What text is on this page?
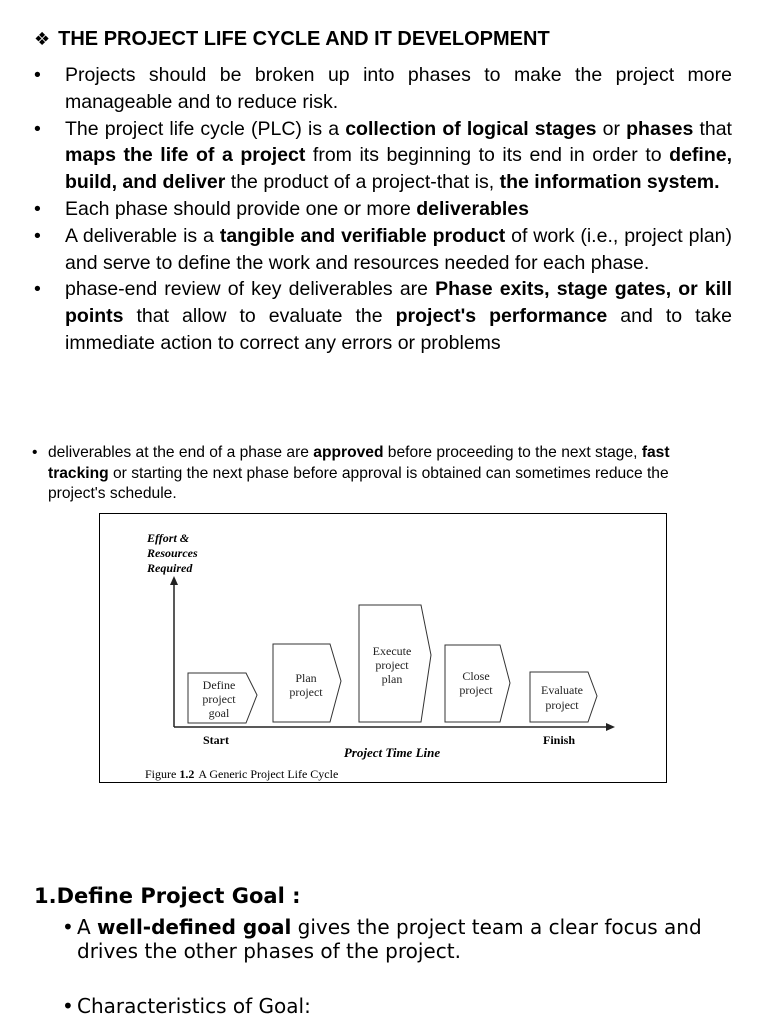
❖ THE PROJECT LIFE CYCLE AND IT DEVELOPMENT
• Projects should be broken up into phases to make the project more manageable and to reduce risk.
• The project life cycle (PLC) is a collection of logical stages or phases that maps the life of a project from its beginning to its end in order to define, build, and deliver the product of a project-that is, the information system.
• Each phase should provide one or more deliverables
• A deliverable is a tangible and verifiable product of work (i.e., project plan) and serve to define the work and resources needed for each phase.
• phase-end review of key deliverables are Phase exits, stage gates, or kill points that allow to evaluate the project's performance and to take immediate action to correct any errors or problems
• deliverables at the end of a phase are approved before proceeding to the next stage, fast tracking or starting the next phase before approval is obtained can sometimes reduce the project's schedule.
Effort &
Resources
Required
Define
project
goal
Plan
project
Execute
project
plan	Close
project	Evaluate
project
Start	Finish
Project Time Line
Figure 1.2 A Generic Project Life Cycle
1.Define Project Goal :
• A well-defined goal gives the project team a clear focus and drives the other phases of the project.
• Characteristics of Goal:
